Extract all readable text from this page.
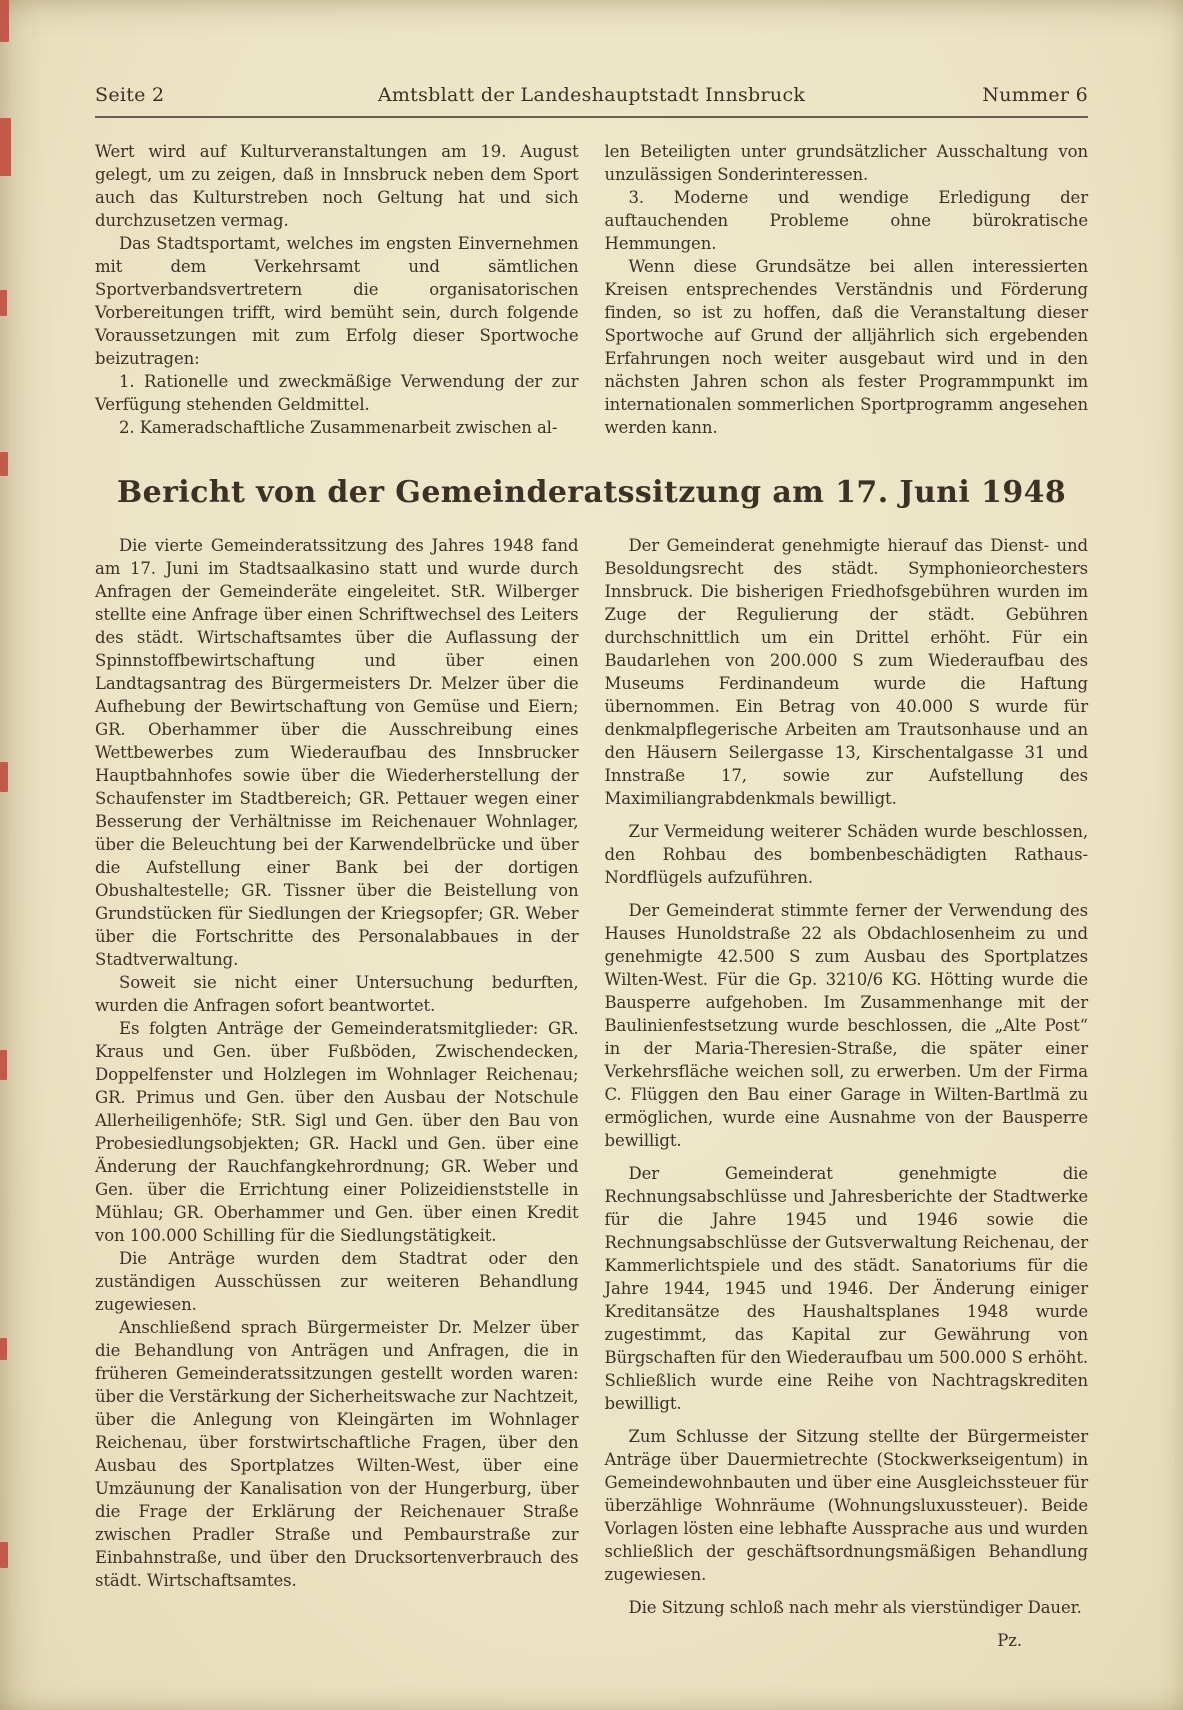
Seite 2	Amtsblatt der Landeshauptstadt Innsbruck	Nummer 6

Wert wird auf Kulturveranstaltungen am 19. August gelegt, um zu zeigen, daß in Innsbruck neben dem Sport auch das Kulturstreben noch Geltung hat und sich durchzusetzen vermag.

Das Stadtsportamt, welches im engsten Einvernehmen mit dem Verkehrsamt und sämtlichen Sportverbandsvertretern die organisatorischen Vorbereitungen trifft, wird bemüht sein, durch folgende Voraussetzungen mit zum Erfolg dieser Sportwoche beizutragen:

1. Rationelle und zweckmäßige Verwendung der zur Verfügung stehenden Geldmittel.

2. Kameradschaftliche Zusammenarbeit zwischen al-

len Beteiligten unter grundsätzlicher Ausschaltung von unzulässigen Sonderinteressen.

3. Moderne und wendige Erledigung der auftauchenden Probleme ohne bürokratische Hemmungen.

Wenn diese Grundsätze bei allen interessierten Kreisen entsprechendes Verständnis und Förderung finden, so ist zu hoffen, daß die Veranstaltung dieser Sportwoche auf Grund der alljährlich sich ergebenden Erfahrungen noch weiter ausgebaut wird und in den nächsten Jahren schon als fester Programmpunkt im internationalen sommerlichen Sportprogramm angesehen werden kann.

Bericht von der Gemeinderatssitzung am 17. Juni 1948

Die vierte Gemeinderatssitzung des Jahres 1948 fand am 17. Juni im Stadtsaalkasino statt und wurde durch Anfragen der Gemeinderäte eingeleitet. StR. Wilberger stellte eine Anfrage über einen Schriftwechsel des Leiters des städt. Wirtschaftsamtes über die Auflassung der Spinnstoffbewirtschaftung und über einen Landtagsantrag des Bürgermeisters Dr. Melzer über die Aufhebung der Bewirtschaftung von Gemüse und Eiern; GR. Oberhammer über die Ausschreibung eines Wettbewerbes zum Wiederaufbau des Innsbrucker Hauptbahnhofes sowie über die Wiederherstellung der Schaufenster im Stadtbereich; GR. Pettauer wegen einer Besserung der Verhältnisse im Reichenauer Wohnlager, über die Beleuchtung bei der Karwendelbrücke und über die Aufstellung einer Bank bei der dortigen Obushaltestelle; GR. Tissner über die Beistellung von Grundstücken für Siedlungen der Kriegsopfer; GR. Weber über die Fortschritte des Personalabbaues in der Stadtverwaltung.

Soweit sie nicht einer Untersuchung bedurften, wurden die Anfragen sofort beantwortet.

Es folgten Anträge der Gemeinderatsmitglieder: GR. Kraus und Gen. über Fußböden, Zwischendecken, Doppelfenster und Holzlegen im Wohnlager Reichenau; GR. Primus und Gen. über den Ausbau der Notschule Allerheiligenhöfe; StR. Sigl und Gen. über den Bau von Probesiedlungsobjekten; GR. Hackl und Gen. über eine Änderung der Rauchfangkehrordnung; GR. Weber und Gen. über die Errichtung einer Polizeidienststelle in Mühlau; GR. Oberhammer und Gen. über einen Kredit von 100.000 Schilling für die Siedlungstätigkeit.

Die Anträge wurden dem Stadtrat oder den zuständigen Ausschüssen zur weiteren Behandlung zugewiesen.

Anschließend sprach Bürgermeister Dr. Melzer über die Behandlung von Anträgen und Anfragen, die in früheren Gemeinderatssitzungen gestellt worden waren: über die Verstärkung der Sicherheitswache zur Nachtzeit, über die Anlegung von Kleingärten im Wohnlager Reichenau, über forstwirtschaftliche Fragen, über den Ausbau des Sportplatzes Wilten-West, über eine Umzäunung der Kanalisation von der Hungerburg, über die Frage der Erklärung der Reichenauer Straße zwischen Pradler Straße und Pembaurstraße zur Einbahnstraße, und über den Drucksortenverbrauch des städt. Wirtschaftsamtes.

Der Gemeinderat genehmigte hierauf das Dienst- und Besoldungsrecht des städt. Symphonieorchesters Innsbruck. Die bisherigen Friedhofsgebühren wurden im Zuge der Regulierung der städt. Gebühren durchschnittlich um ein Drittel erhöht. Für ein Baudarlehen von 200.000 S zum Wiederaufbau des Museums Ferdinandeum wurde die Haftung übernommen. Ein Betrag von 40.000 S wurde für denkmalpflegerische Arbeiten am Trautsonhause und an den Häusern Seilergasse 13, Kirschentalgasse 31 und Innstraße 17, sowie zur Aufstellung des Maximiliangrabdenkmals bewilligt.

Zur Vermeidung weiterer Schäden wurde beschlossen, den Rohbau des bombenbeschädigten Rathaus-Nordflügels aufzuführen.

Der Gemeinderat stimmte ferner der Verwendung des Hauses Hunoldstraße 22 als Obdachlosenheim zu und genehmigte 42.500 S zum Ausbau des Sportplatzes Wilten-West. Für die Gp. 3210/6 KG. Hötting wurde die Bausperre aufgehoben. Im Zusammenhange mit der Baulinienfestsetzung wurde beschlossen, die „Alte Post“ in der Maria-Theresien-Straße, die später einer Verkehrsfläche weichen soll, zu erwerben. Um der Firma C. Flüggen den Bau einer Garage in Wilten-Bartlmä zu ermöglichen, wurde eine Ausnahme von der Bausperre bewilligt.

Der Gemeinderat genehmigte die Rechnungsabschlüsse und Jahresberichte der Stadtwerke für die Jahre 1945 und 1946 sowie die Rechnungsabschlüsse der Gutsverwaltung Reichenau, der Kammerlichtspiele und des städt. Sanatoriums für die Jahre 1944, 1945 und 1946. Der Änderung einiger Kreditansätze des Haushaltsplanes 1948 wurde zugestimmt, das Kapital zur Gewährung von Bürgschaften für den Wiederaufbau um 500.000 S erhöht. Schließlich wurde eine Reihe von Nachtragskrediten bewilligt.

Zum Schlusse der Sitzung stellte der Bürgermeister Anträge über Dauermietrechte (Stockwerkseigentum) in Gemeindewohnbauten und über eine Ausgleichssteuer für überzählige Wohnräume (Wohnungsluxussteuer). Beide Vorlagen lösten eine lebhafte Aussprache aus und wurden schließlich der geschäftsordnungsmäßigen Behandlung zugewiesen.

Die Sitzung schloß nach mehr als vierstündiger Dauer.

Pz.
